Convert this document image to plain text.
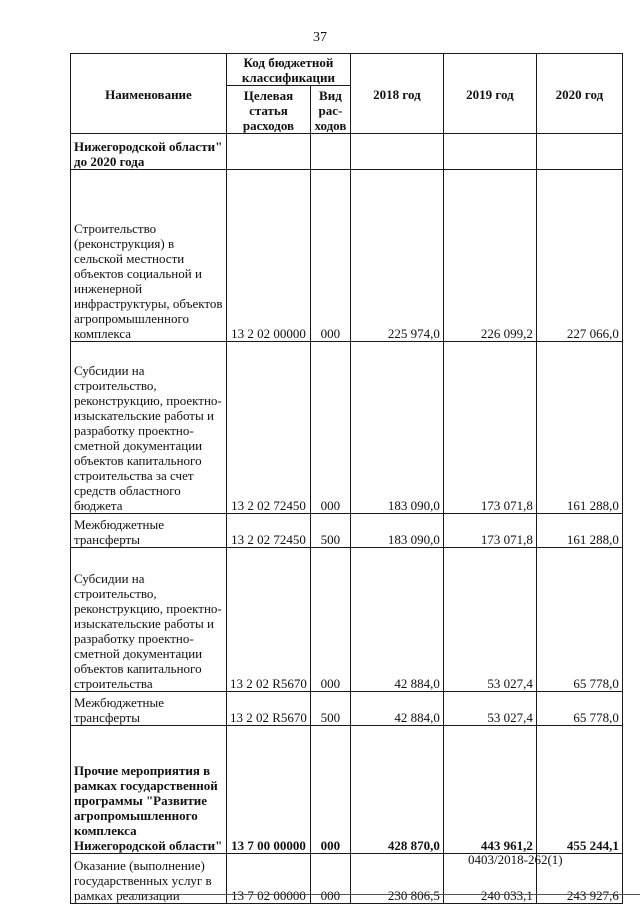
37
Наименование	Код бюджетной классификации		2018 год	2019 год	2020 год
	Целевая статья расходов	Вид рас-ходов			
Нижегородской области" до 2020 года					
Строительство (реконструкция) в сельской местности объектов социальной и инженерной инфраструктуры, объектов агропромышленного комплекса	13 2 02 00000	000	225 974,0	226 099,2	227 066,0
Субсидии на строительство, реконструкцию, проектно-изыскательские работы и разработку проектно-сметной документации объектов капитального строительства за счет средств областного бюджета	13 2 02 72450	000	183 090,0	173 071,8	161 288,0
Межбюджетные трансферты	13 2 02 72450	500	183 090,0	173 071,8	161 288,0
Субсидии на строительство, реконструкцию, проектно-изыскательские работы и разработку проектно-сметной документации объектов капитального строительства	13 2 02 R5670	000	42 884,0	53 027,4	65 778,0
Межбюджетные трансферты	13 2 02 R5670	500	42 884,0	53 027,4	65 778,0
Прочие мероприятия в рамках государственной программы "Развитие агропромышленного комплекса Нижегородской области"	13 7 00 00000	000	428 870,0	443 961,2	455 244,1
Оказание (выполнение) государственных услуг в рамках реализации	13 7 02 00000	000	230 806,5	240 033,1	243 927,6
0403/2018-262(1)
